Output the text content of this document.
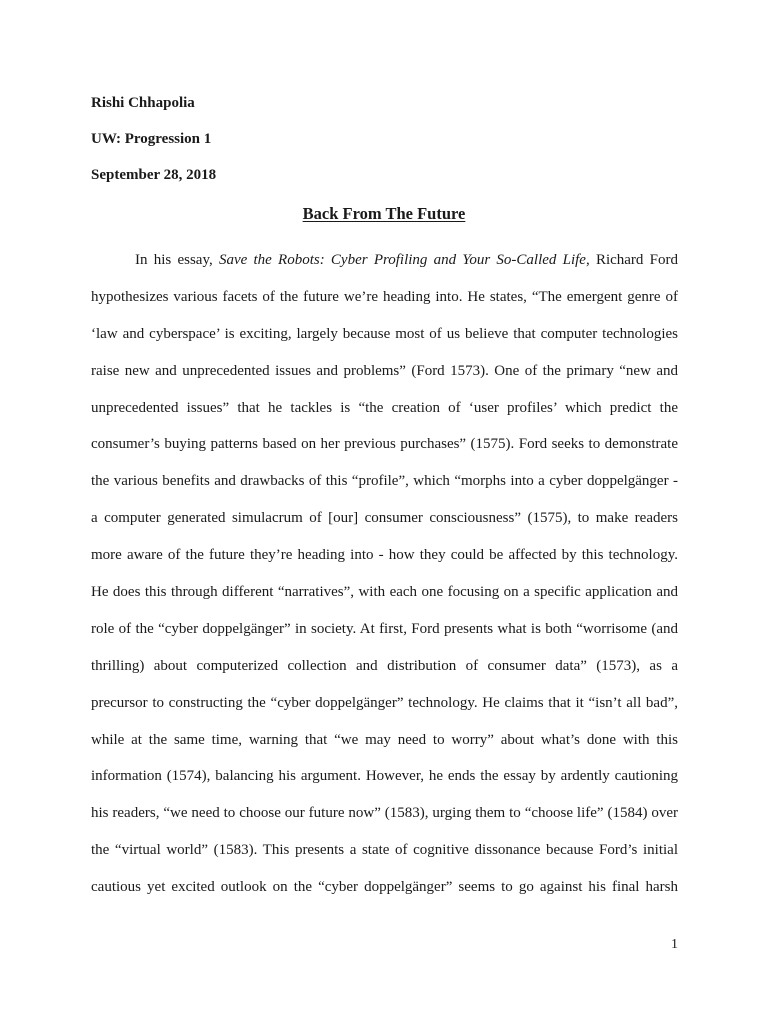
Rishi Chhapolia
UW: Progression 1
September 28, 2018
Back From The Future
In his essay, Save the Robots: Cyber Profiling and Your So-Called Life, Richard Ford
hypothesizes various facets of the future we’re heading into. He states, “The emergent genre of
‘law and cyberspace’ is exciting, largely because most of us believe that computer technologies
raise new and unprecedented issues and problems” (Ford 1573). One of the primary “new and
unprecedented issues” that he tackles is “the creation of ‘user profiles’ which predict the
consumer’s buying patterns based on her previous purchases” (1575). Ford seeks to demonstrate
the various benefits and drawbacks of this “profile”, which “morphs into a cyber doppelgänger -
a computer generated simulacrum of [our] consumer consciousness” (1575), to make readers
more aware of the future they’re heading into - how they could be affected by this technology.
He does this through different “narratives”, with each one focusing on a specific application and
role of the “cyber doppelgänger” in society. At first, Ford presents what is both “worrisome (and
thrilling) about computerized collection and distribution of consumer data” (1573), as a
precursor to constructing the “cyber doppelgänger” technology. He claims that it “isn’t all bad”,
while at the same time, warning that “we may need to worry” about what’s done with this
information (1574), balancing his argument. However, he ends the essay by ardently cautioning
his readers, “we need to choose our future now” (1583), urging them to “choose life” (1584) over
the “virtual world” (1583). This presents a state of cognitive dissonance because Ford’s initial
cautious yet excited outlook on the “cyber doppelgänger” seems to go against his final harsh
1
